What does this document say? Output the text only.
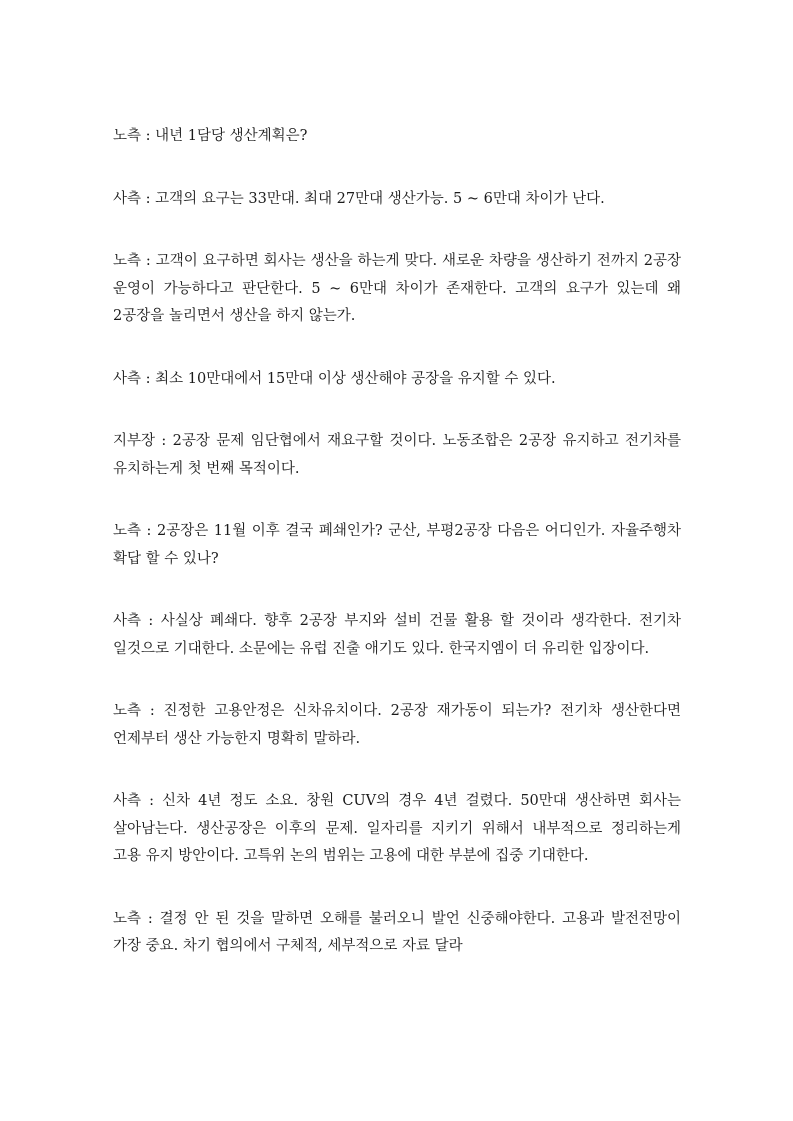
노측 : 내년 1담당 생산계획은?

사측 : 고객의 요구는 33만대. 최대 27만대 생산가능. 5 ~ 6만대 차이가 난다.

노측 : 고객이 요구하면 회사는 생산을 하는게 맞다. 새로운 차량을 생산하기 전까지 2공장 운영이 가능하다고 판단한다. 5 ~ 6만대 차이가 존재한다. 고객의 요구가 있는데 왜 2공장을 놀리면서 생산을 하지 않는가.

사측 : 최소 10만대에서 15만대 이상 생산해야 공장을 유지할 수 있다.

지부장 : 2공장 문제 임단협에서 재요구할 것이다. 노동조합은 2공장 유지하고 전기차를 유치하는게 첫 번째 목적이다.

노측 : 2공장은 11월 이후 결국 폐쇄인가? 군산, 부평2공장 다음은 어디인가. 자율주행차 확답 할 수 있나?

사측 : 사실상 폐쇄다. 향후 2공장 부지와 설비 건물 활용 할 것이라 생각한다. 전기차 일것으로 기대한다. 소문에는 유럽 진출 애기도 있다. 한국지엠이 더 유리한 입장이다.

노측 : 진정한 고용안정은 신차유치이다. 2공장 재가동이 되는가? 전기차 생산한다면 언제부터 생산 가능한지 명확히 말하라.

사측 : 신차 4년 정도 소요. 창원 CUV의 경우 4년 걸렸다. 50만대 생산하면 회사는 살아남는다. 생산공장은 이후의 문제. 일자리를 지키기 위해서 내부적으로 정리하는게 고용 유지 방안이다. 고특위 논의 범위는 고용에 대한 부분에 집중 기대한다.

노측 : 결정 안 된 것을 말하면 오해를 불러오니 발언 신중해야한다. 고용과 발전전망이 가장 중요. 차기 협의에서 구체적, 세부적으로 자료 달라
